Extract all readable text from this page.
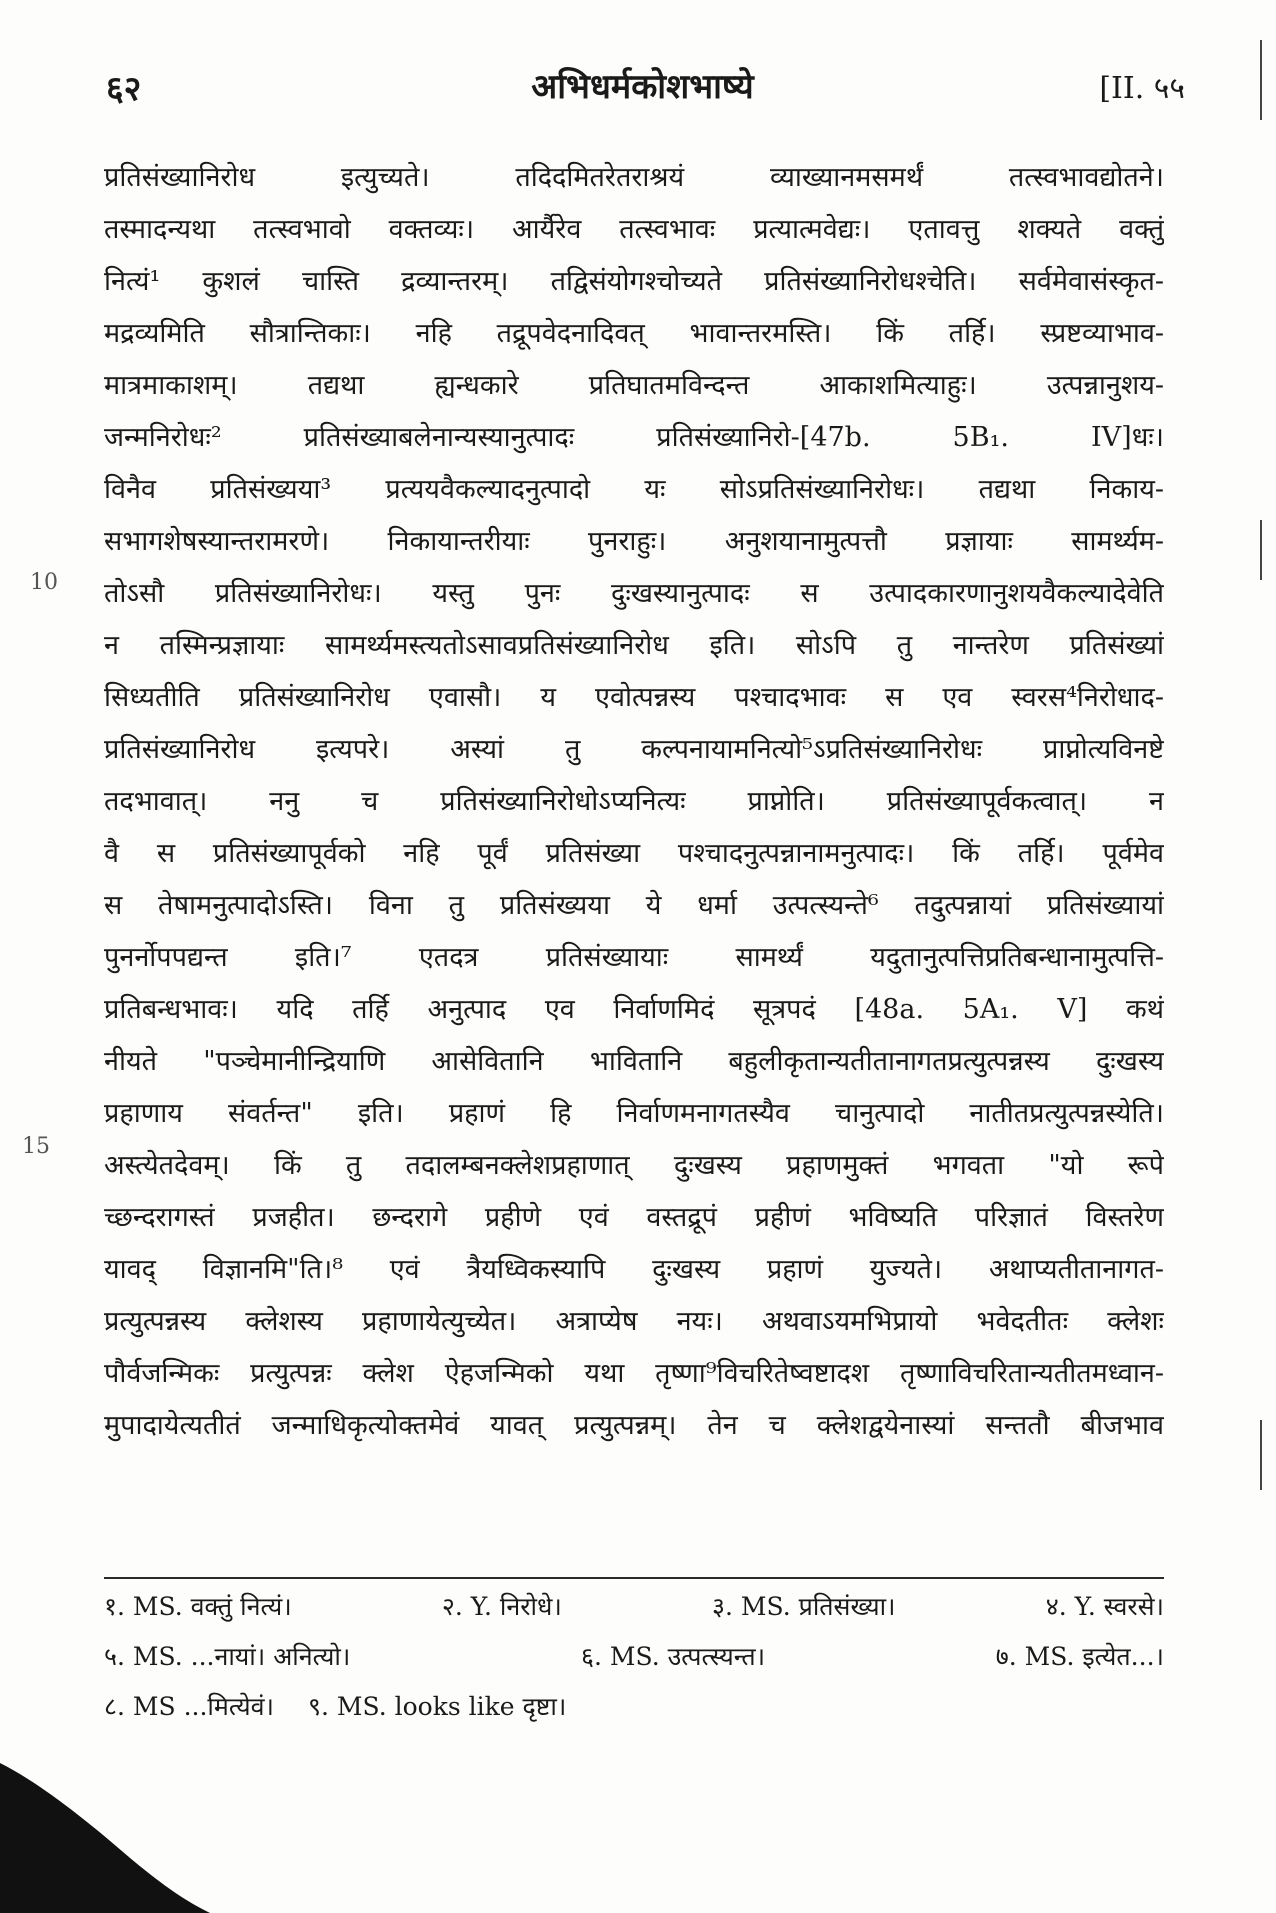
६२	अभिधर्मकोशभाष्ये	[II. ५५
10
15
प्रतिसंख्यानिरोध इत्युच्यते। तदिदमितरेतराश्रयं व्याख्यानमसमर्थं तत्स्वभावद्योतने।
तस्मादन्यथा तत्स्वभावो वक्तव्यः। आर्यैरेव तत्स्वभावः प्रत्यात्मवेद्यः। एतावत्तु शक्यते वक्तुं
नित्यं¹ कुशलं चास्ति द्रव्यान्तरम्। तद्विसंयोगश्चोच्यते प्रतिसंख्यानिरोधश्चेति। सर्वमेवासंस्कृत-
मद्रव्यमिति सौत्रान्तिकाः। नहि तद्रूपवेदनादिवत् भावान्तरमस्ति। किं तर्हि। स्प्रष्टव्याभाव-
मात्रमाकाशम्। तद्यथा ह्यन्धकारे प्रतिघातमविन्दन्त आकाशमित्याहुः। उत्पन्नानुशय-
जन्मनिरोधः² प्रतिसंख्याबलेनान्यस्यानुत्पादः प्रतिसंख्यानिरो-[47b. 5B₁. IV]धः।
विनैव प्रतिसंख्यया³ प्रत्ययवैकल्यादनुत्पादो यः सोऽप्रतिसंख्यानिरोधः। तद्यथा निकाय-
सभागशेषस्यान्तरामरणे। निकायान्तरीयाः पुनराहुः। अनुशयानामुत्पत्तौ प्रज्ञायाः सामर्थ्यम-
तोऽसौ प्रतिसंख्यानिरोधः। यस्तु पुनः दुःखस्यानुत्पादः स उत्पादकारणानुशयवैकल्यादेवेति
न तस्मिन्प्रज्ञायाः सामर्थ्यमस्त्यतोऽसावप्रतिसंख्यानिरोध इति। सोऽपि तु नान्तरेण प्रतिसंख्यां
सिध्यतीति प्रतिसंख्यानिरोध एवासौ। य एवोत्पन्नस्य पश्चादभावः स एव स्वरस⁴निरोधाद-
प्रतिसंख्यानिरोध इत्यपरे। अस्यां तु कल्पनायामनित्यो⁵ऽप्रतिसंख्यानिरोधः प्राप्नोत्यविनष्टे
तदभावात्। ननु च प्रतिसंख्यानिरोधोऽप्यनित्यः प्राप्नोति। प्रतिसंख्यापूर्वकत्वात्। न
वै स प्रतिसंख्यापूर्वको नहि पूर्वं प्रतिसंख्या पश्चादनुत्पन्नानामनुत्पादः। किं तर्हि। पूर्वमेव
स तेषामनुत्पादोऽस्ति। विना तु प्रतिसंख्यया ये धर्मा उत्पत्स्यन्ते⁶ तदुत्पन्नायां प्रतिसंख्यायां
पुनर्नोपपद्यन्त इति।⁷ एतदत्र प्रतिसंख्यायाः सामर्थ्यं यदुतानुत्पत्तिप्रतिबन्धानामुत्पत्ति-
प्रतिबन्धभावः। यदि तर्हि अनुत्पाद एव निर्वाणमिदं सूत्रपदं [48a. 5A₁. V] कथं
नीयते "पञ्चेमानीन्द्रियाणि आसेवितानि भावितानि बहुलीकृतान्यतीतानागतप्रत्युत्पन्नस्य दुःखस्य
प्रहाणाय संवर्तन्त" इति। प्रहाणं हि निर्वाणमनागतस्यैव चानुत्पादो नातीतप्रत्युत्पन्नस्येति।
अस्त्येतदेवम्। किं तु तदालम्बनक्लेशप्रहाणात् दुःखस्य प्रहाणमुक्तं भगवता "यो रूपे
च्छन्दरागस्तं प्रजहीत। छन्दरागे प्रहीणे एवं वस्तद्रूपं प्रहीणं भविष्यति परिज्ञातं विस्तरेण
यावद् विज्ञानमि"ति।⁸ एवं त्रैयध्विकस्यापि दुःखस्य प्रहाणं युज्यते। अथाप्यतीतानागत-
प्रत्युत्पन्नस्य क्लेशस्य प्रहाणायेत्युच्येत। अत्राप्येष नयः। अथवाऽयमभिप्रायो भवेदतीतः क्लेशः
पौर्वजन्मिकः प्रत्युत्पन्नः क्लेश ऐहजन्मिको यथा तृष्णा⁹विचरितेष्वष्टादश तृष्णाविचरितान्यतीतमध्वान-
मुपादायेत्यतीतं जन्माधिकृत्योक्तमेवं यावत् प्रत्युत्पन्नम्। तेन च क्लेशद्वयेनास्यां सन्ततौ बीजभाव
१. MS. वक्तुं नित्यं।	२. Y. निरोधे।	३. MS. प्रतिसंख्या।	४. Y. स्वरसे।
५. MS. ...नायां। अनित्यो।	६. MS. उत्पत्स्यन्त।	७. MS. इत्येत...।
८. MS ...मित्येवं। ९. MS. looks like दृष्टा।
